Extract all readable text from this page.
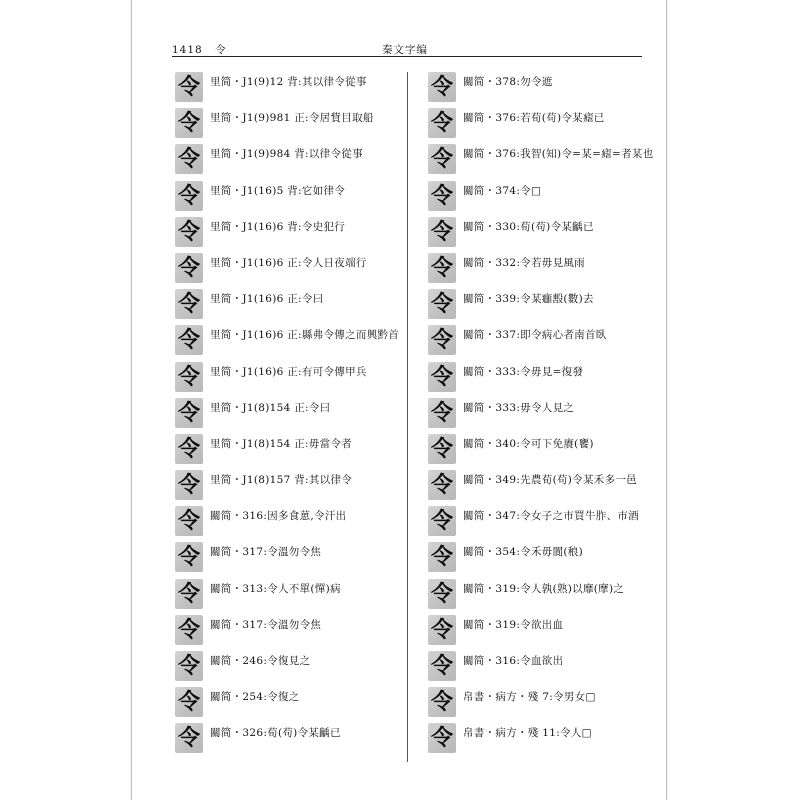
1418 令	秦文字编
令 里简・J1(9)12 背:其以律令從事
令 里简・J1(9)981 正:令居貲目取船
令 里简・J1(9)984 背:以律令從事
令 里简・J1(16)5 背:它如律令
令 里简・J1(16)6 背:令史犯行
令 里简・J1(16)6 正:令人日夜端行
令 里简・J1(16)6 正:令曰
令 里简・J1(16)6 正:縣弗令傳之而興黔首
令 里简・J1(16)6 正:有可令傳甲兵
令 里简・J1(8)154 正:令曰
令 里简・J1(8)154 正:毋當令者
令 里简・J1(8)157 背:其以律令
令 關简・316:因多食葸,令汗出
令 關简・317:令溫勿令焦
令 關简・313:令人不單(憚)病
令 關简・317:令溫勿令焦
令 關简・246:令復見之
令 關简・254:令復之
令 關简・326:荀(苟)令某齲已
令 關简・378:勿令遮
令 關简・376:若荀(苟)令某瘧已
令 關简・376:我智(知)令=某=瘧=者某也
令 關简・374:令□
令 關简・330:荀(苟)令某齲已
令 關简・332:令若毋見風雨
令 關简・339:令某癰毄(數)去
令 關简・337:即令病心者南首臥
令 關简・333:令毋見=復發
令 關简・333:毋令人見之
令 關简・340:令可下免賡(饔)
令 關简・349:先農荀(苟)令某禾多一邑
令 關简・347:令女子之市買牛胙、市酒
令 關简・354:令禾毋閬(稂)
令 關简・319:令人孰(熟)以靡(摩)之
令 關简・319:令欲出血
令 關简・316:令血欲出
令 帛書・病方・殘 7:令男女□
令 帛書・病方・殘 11:令人□
